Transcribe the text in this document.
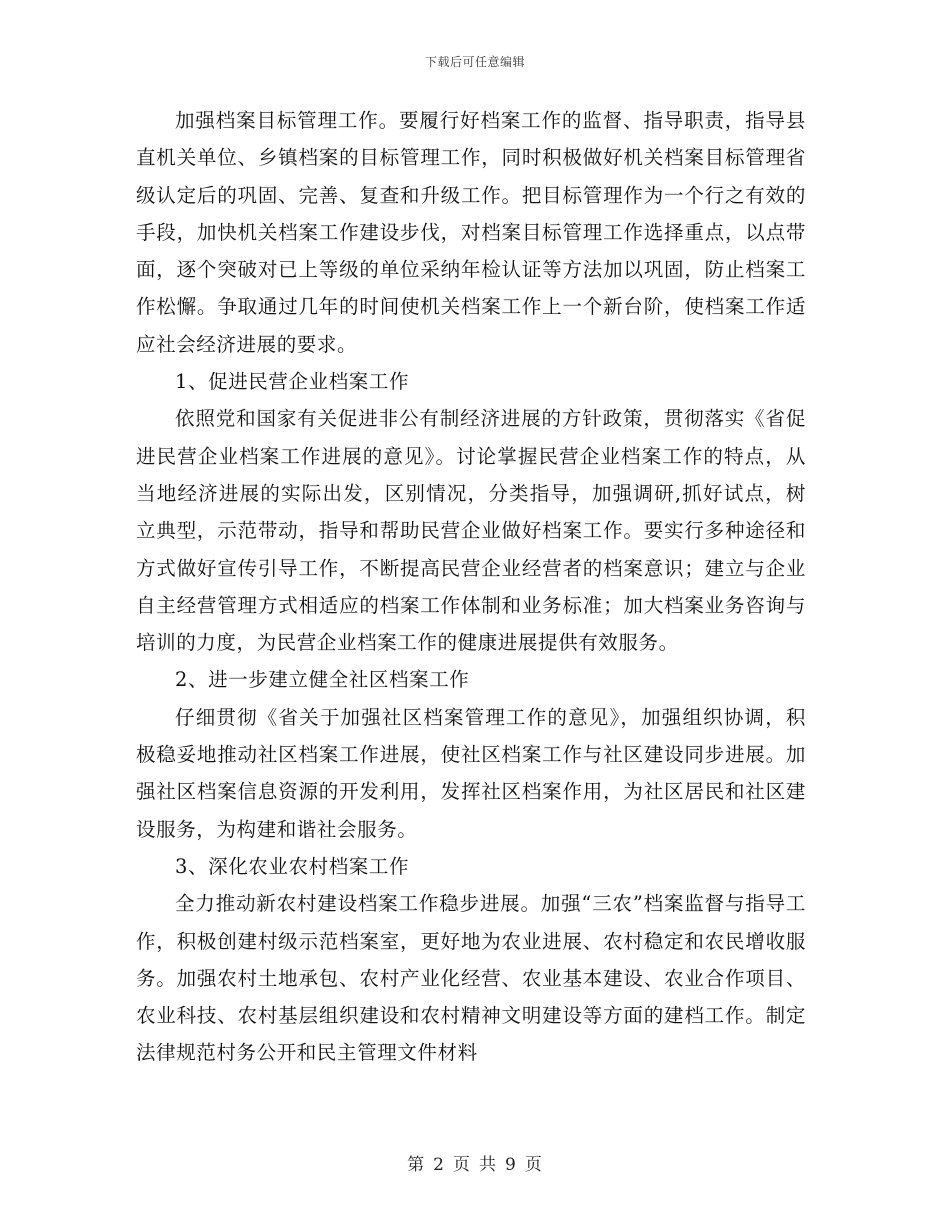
下载后可任意编辑

加强档案目标管理工作。要履行好档案工作的监督、指导职责，指导县直机关单位、乡镇档案的目标管理工作，同时积极做好机关档案目标管理省级认定后的巩固、完善、复查和升级工作。把目标管理作为一个行之有效的手段，加快机关档案工作建设步伐，对档案目标管理工作选择重点，以点带面，逐个突破对已上等级的单位采纳年检认证等方法加以巩固，防止档案工作松懈。争取通过几年的时间使机关档案工作上一个新台阶，使档案工作适应社会经济进展的要求。

1、促进民营企业档案工作

依照党和国家有关促进非公有制经济进展的方针政策，贯彻落实《省促进民营企业档案工作进展的意见》。讨论掌握民营企业档案工作的特点，从当地经济进展的实际出发，区别情况，分类指导，加强调研,抓好试点，树立典型，示范带动，指导和帮助民营企业做好档案工作。要实行多种途径和方式做好宣传引导工作，不断提高民营企业经营者的档案意识；建立与企业自主经营管理方式相适应的档案工作体制和业务标准；加大档案业务咨询与培训的力度，为民营企业档案工作的健康进展提供有效服务。

2、进一步建立健全社区档案工作

仔细贯彻《省关于加强社区档案管理工作的意见》，加强组织协调，积极稳妥地推动社区档案工作进展，使社区档案工作与社区建设同步进展。加强社区档案信息资源的开发利用，发挥社区档案作用，为社区居民和社区建设服务，为构建和谐社会服务。

3、深化农业农村档案工作

全力推动新农村建设档案工作稳步进展。加强“三农”档案监督与指导工作，积极创建村级示范档案室，更好地为农业进展、农村稳定和农民增收服务。加强农村土地承包、农村产业化经营、农业基本建设、农业合作项目、农业科技、农村基层组织建设和农村精神文明建设等方面的建档工作。制定法律规范村务公开和民主管理文件材料

第 2 页 共 9 页
